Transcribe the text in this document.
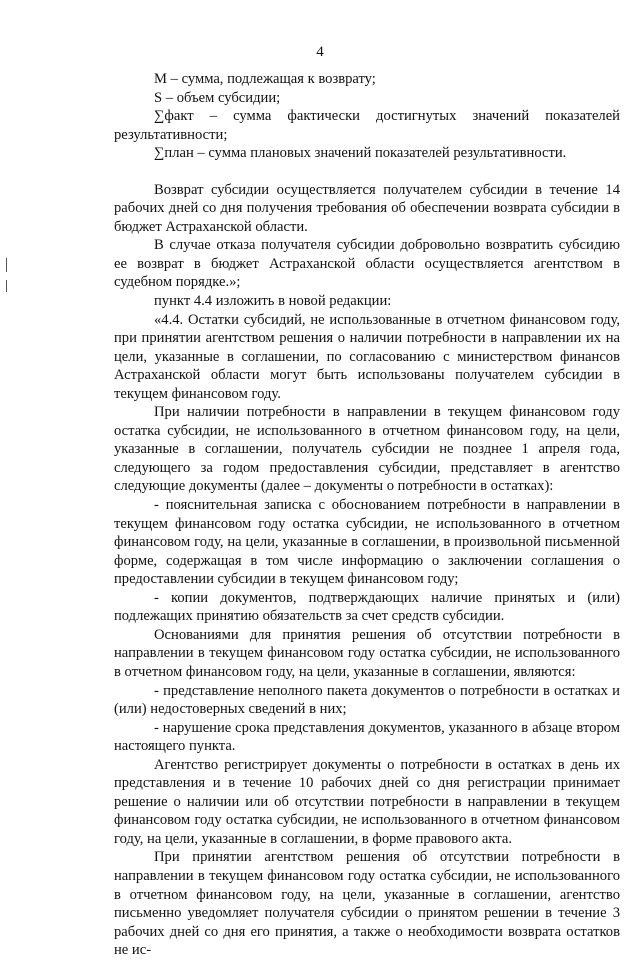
4

М – сумма, подлежащая к возврату;

S – объем субсидии;

∑факт – сумма фактически достигнутых значений показателей результативности;

∑план – сумма плановых значений показателей результативности.

Возврат субсидии осуществляется получателем субсидии в течение 14 рабочих дней со дня получения требования об обеспечении возврата субсидии в бюджет Астраханской области.

В случае отказа получателя субсидии добровольно возвратить субсидию ее возврат в бюджет Астраханской области осуществляется агентством в судебном порядке.»;

пункт 4.4 изложить в новой редакции:

«4.4. Остатки субсидий, не использованные в отчетном финансовом году, при принятии агентством решения о наличии потребности в направлении их на цели, указанные в соглашении, по согласованию с министерством финансов Астраханской области могут быть использованы получателем субсидии в текущем финансовом году.

При наличии потребности в направлении в текущем финансовом году остатка субсидии, не использованного в отчетном финансовом году, на цели, указанные в соглашении, получатель субсидии не позднее 1 апреля года, следующего за годом предоставления субсидии, представляет в агентство следующие документы (далее – документы о потребности в остатках):

- пояснительная записка с обоснованием потребности в направлении в текущем финансовом году остатка субсидии, не использованного в отчетном финансовом году, на цели, указанные в соглашении, в произвольной письменной форме, содержащая в том числе информацию о заключении соглашения о предоставлении субсидии в текущем финансовом году;

- копии документов, подтверждающих наличие принятых и (или) подлежащих принятию обязательств за счет средств субсидии.

Основаниями для принятия решения об отсутствии потребности в направлении в текущем финансовом году остатка субсидии, не использованного в отчетном финансовом году, на цели, указанные в соглашении, являются:

- представление неполного пакета документов о потребности в остатках и (или) недостоверных сведений в них;

- нарушение срока представления документов, указанного в абзаце втором настоящего пункта.

Агентство регистрирует документы о потребности в остатках в день их представления и в течение 10 рабочих дней со дня регистрации принимает решение о наличии или об отсутствии потребности в направлении в текущем финансовом году остатка субсидии, не использованного в отчетном финансовом году, на цели, указанные в соглашении, в форме правового акта.

При принятии агентством решения об отсутствии потребности в направлении в текущем финансовом году остатка субсидии, не использованного в отчетном финансовом году, на цели, указанные в соглашении, агентство письменно уведомляет получателя субсидии о принятом решении в течение 3 рабочих дней со дня его принятия, а также о необходимости возврата остатков не ис-
